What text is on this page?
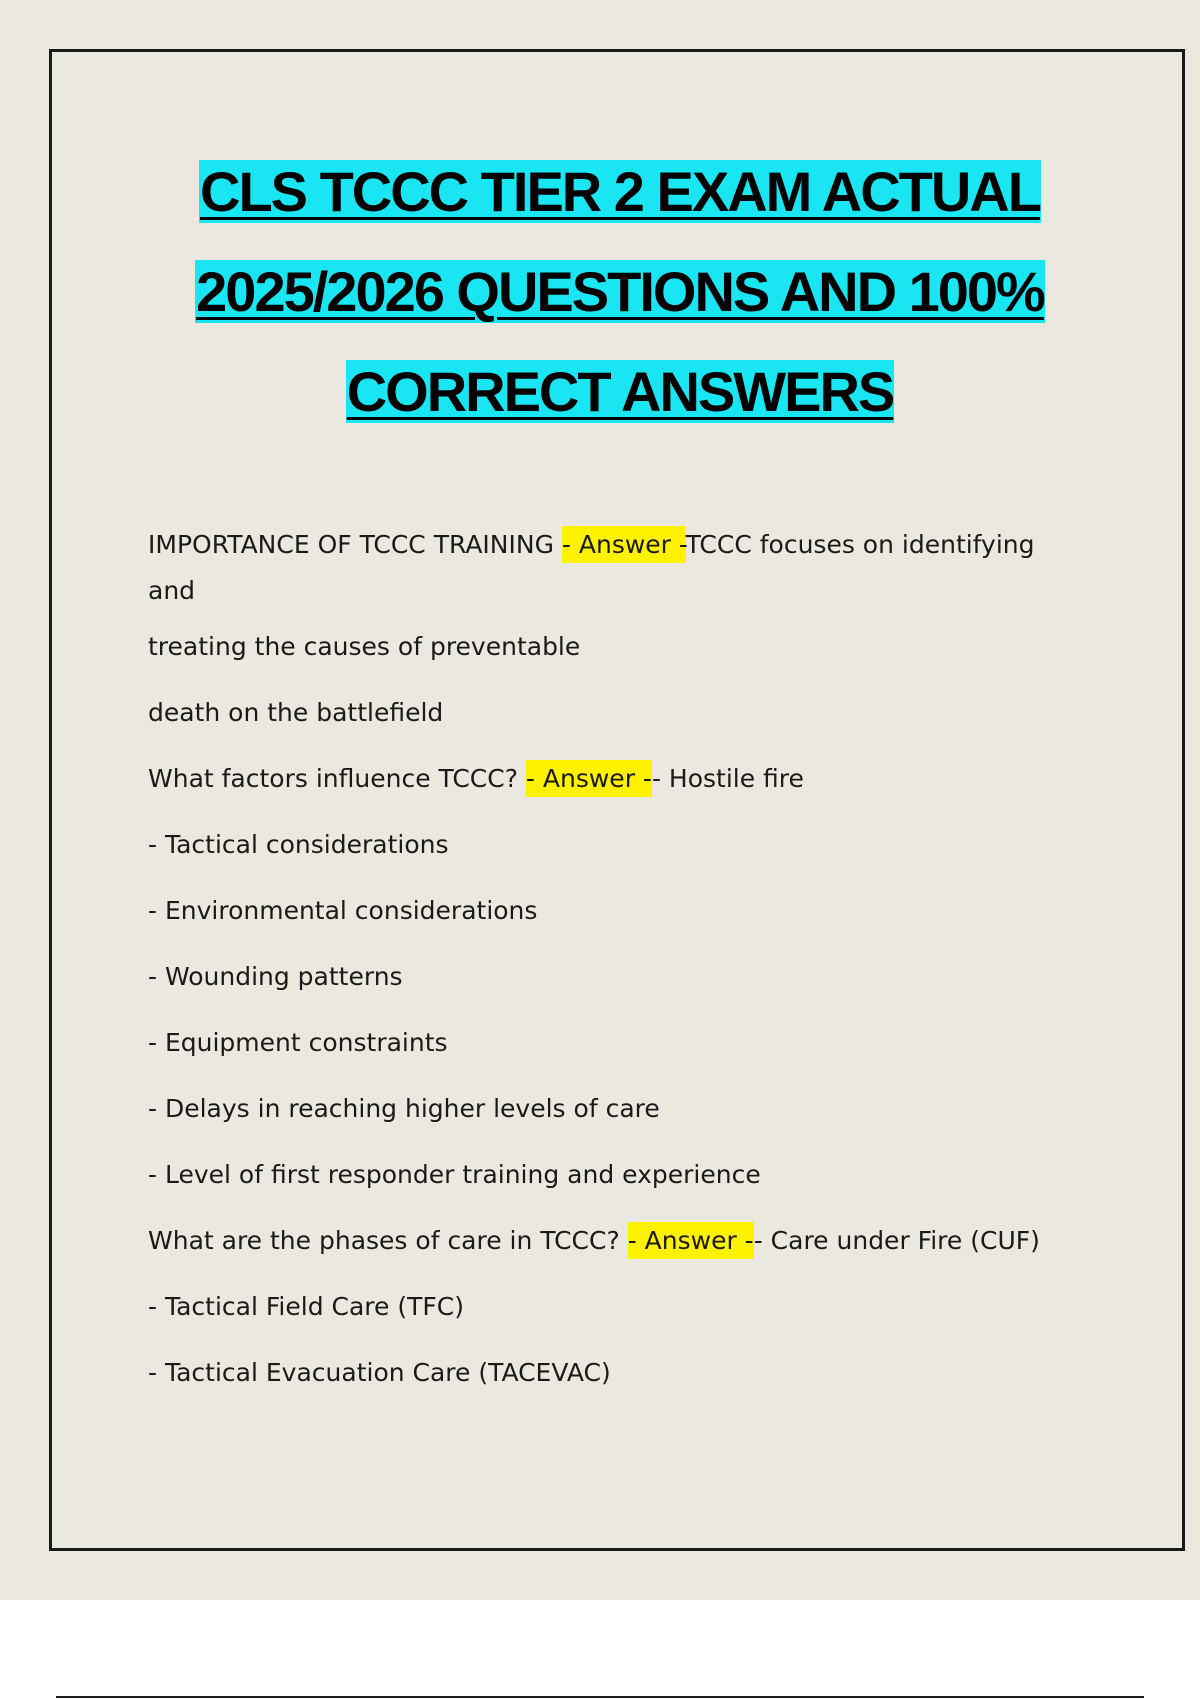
CLS TCCC TIER 2 EXAM ACTUAL
2025/2026 QUESTIONS AND 100%
CORRECT ANSWERS
IMPORTANCE OF TCCC TRAINING - Answer -TCCC focuses on identifying
and
treating the causes of preventable
death on the battlefield
What factors influence TCCC? - Answer -- Hostile fire
- Tactical considerations
- Environmental considerations
- Wounding patterns
- Equipment constraints
- Delays in reaching higher levels of care
- Level of first responder training and experience
What are the phases of care in TCCC? - Answer -- Care under Fire (CUF)
- Tactical Field Care (TFC)
- Tactical Evacuation Care (TACEVAC)
